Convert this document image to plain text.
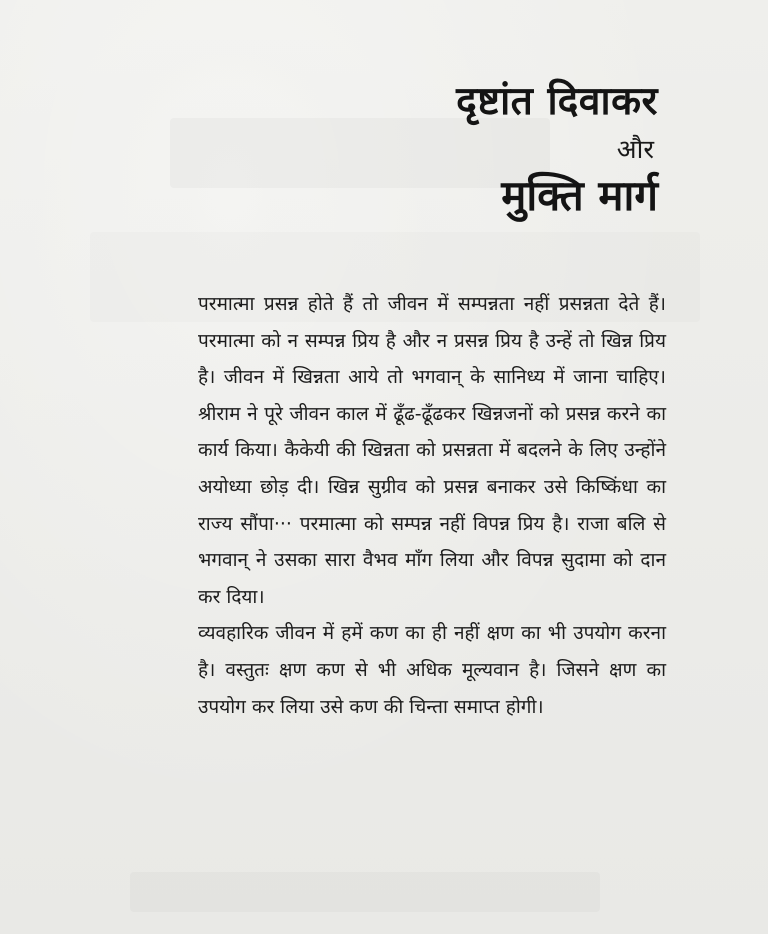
दृष्टांत दिवाकर
और
मुक्ति मार्ग

परमात्मा प्रसन्न होते हैं तो जीवन में सम्पन्नता नहीं प्रसन्नता देते हैं। परमात्मा को न सम्पन्न प्रिय है और न प्रसन्न प्रिय है उन्हें तो खिन्न प्रिय है। जीवन में खिन्नता आये तो भगवान् के सानिध्य में जाना चाहिए। श्रीराम ने पूरे जीवन काल में ढूँढ-ढूँढकर खिन्नजनों को प्रसन्न करने का कार्य किया। कैकेयी की खिन्नता को प्रसन्नता में बदलने के लिए उन्होंने अयोध्या छोड़ दी। खिन्न सुग्रीव को प्रसन्न बनाकर उसे किष्किंधा का राज्य सौंपा··· परमात्मा को सम्पन्न नहीं विपन्न प्रिय है। राजा बलि से भगवान् ने उसका सारा वैभव माँग लिया और विपन्न सुदामा को दान कर दिया।

व्यवहारिक जीवन में हमें कण का ही नहीं क्षण का भी उपयोग करना है। वस्तुतः क्षण कण से भी अधिक मूल्यवान है। जिसने क्षण का उपयोग कर लिया उसे कण की चिन्ता समाप्त होगी।
